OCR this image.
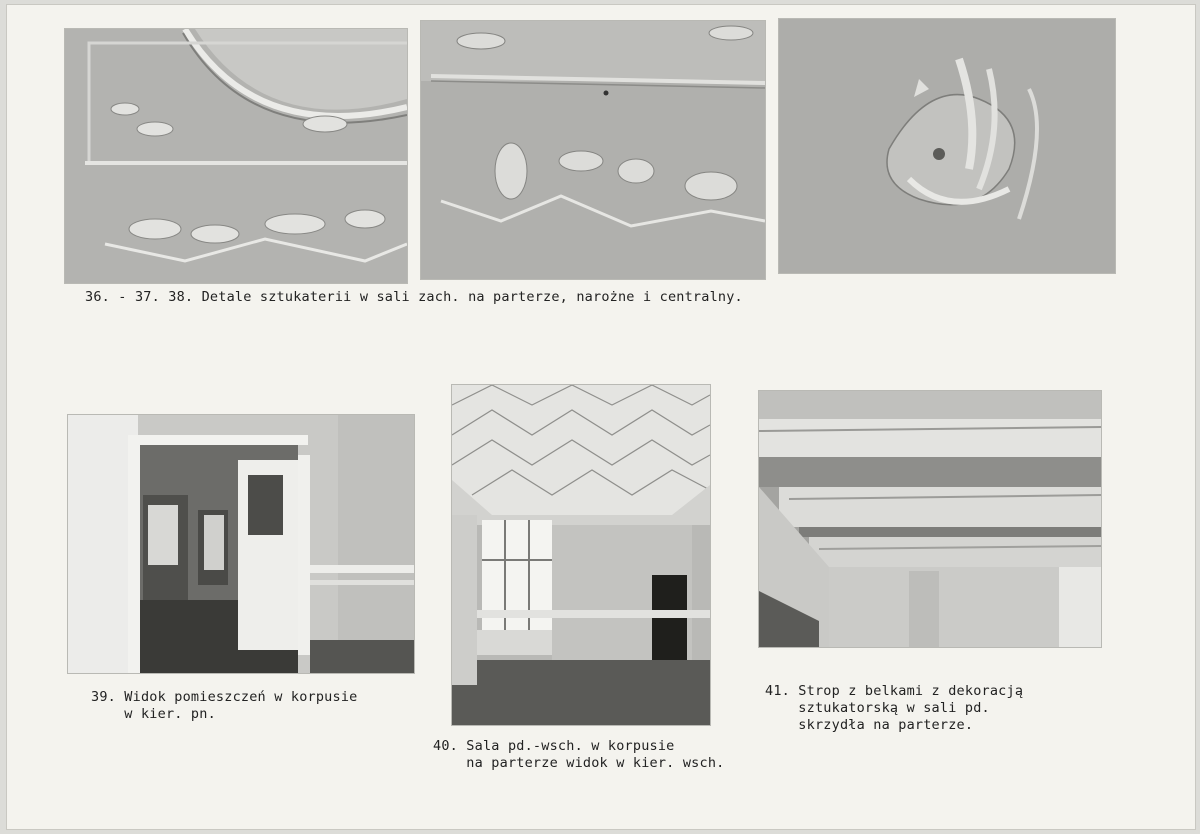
36. - 37. 38. Detale sztukaterii w sali zach. na parterze, narożne i centralny.
39. Widok pomieszczeń w korpusie
w kier. pn.
40. Sala pd.-wsch. w korpusie
na parterze widok w kier. wsch.
41. Strop z belkami z dekoracją
sztukatorską w sali pd.
skrzydła na parterze.
